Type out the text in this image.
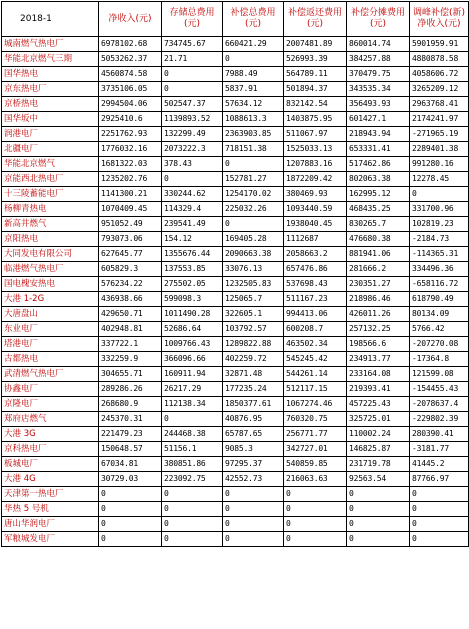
2018-1	净收入(元)	存储总费用(元)	补偿总费用(元)	补偿返还费用(元)	补偿分摊费用(元)	调峰补偿(新)净收入(元)
城南燃气热电厂	6978102.68	734745.67	660421.29	2007481.89	860014.74	5901959.91
华能北京燃气三期	5053262.37	21.71	0	526993.39	384257.88	4880878.58
国华热电	4560874.58	0	7988.49	564789.11	370479.75	4058606.72
京东热电厂	3735106.05	0	5837.91	501894.37	343535.34	3265209.12
京桥热电	2994504.06	502547.37	57634.12	832142.54	356493.93	2963768.41
国华坂中	2925410.6	1139893.52	1088613.3	1403875.95	601427.1	2174241.97
润港电厂	2251762.93	132299.49	2363903.85	511067.97	218943.94	-271965.19
北疆电厂	1776032.16	2073222.3	718151.38	1525033.13	653331.41	2289401.38
华能北京燃气	1681322.03	378.43	0	1207883.16	517462.86	991280.16
京能西北热电厂	1235202.76	0	152781.27	1872209.42	802063.38	12278.45
十三陵蓄能电厂	1141300.21	330244.62	1254170.02	380469.93	162995.12	0
杨柳青热电	1070409.45	114329.4	225032.26	1093440.59	468435.25	331700.96
新高井燃气	951052.49	239541.49	0	1938040.45	830265.7	102819.23
京阳热电	793073.06	154.12	169405.28	1112687	476680.38	-2184.73
大同发电有限公司	627645.77	1355676.44	2090663.38	2058663.2	881941.06	-114365.31
临港燃气热电厂	605829.3	137553.85	33076.13	657476.86	281666.2	334496.36
国电槐安热电	576234.22	275502.05	1232505.83	537698.43	230351.27	-658116.72
大港 1-2G	436938.66	599098.3	125065.7	511167.23	218986.46	618790.49
大唐盘山	429650.71	1011490.28	322605.1	994413.06	426011.26	80134.09
东业电厂	402948.81	52686.64	103792.57	600208.7	257132.25	5766.42
塔港电厂	337722.1	1009766.43	1289822.88	463502.34	198566.6	-207270.08
古都热电	332259.9	366096.66	402259.72	545245.42	234913.77	-17364.8
武清燃气热电厂	304655.71	160911.94	32871.48	544261.14	233164.08	121599.08
协鑫电厂	289286.26	26217.29	177235.24	512117.15	219393.41	-154455.43
京隆电厂	268680.9	112138.34	1850377.61	1067274.46	457225.43	-2078637.4
郑府店燃气	245370.31	0	40876.95	760320.75	325725.01	-229802.39
大港 3G	221479.23	244468.38	65787.65	256771.77	110002.24	280390.41
京科热电厂	150648.57	51156.1	9085.3	342727.01	146825.87	-3181.77
板城电厂	67034.81	380851.86	97295.37	540859.85	231719.78	41445.2
大港 4G	30729.03	223092.75	42552.73	216063.63	92563.54	87766.97
天津第一热电厂	0	0	0	0	0	0
华热 5 号机	0	0	0	0	0	0
唐山华润电厂	0	0	0	0	0	0
军粮城发电厂	0	0	0	0	0	0
